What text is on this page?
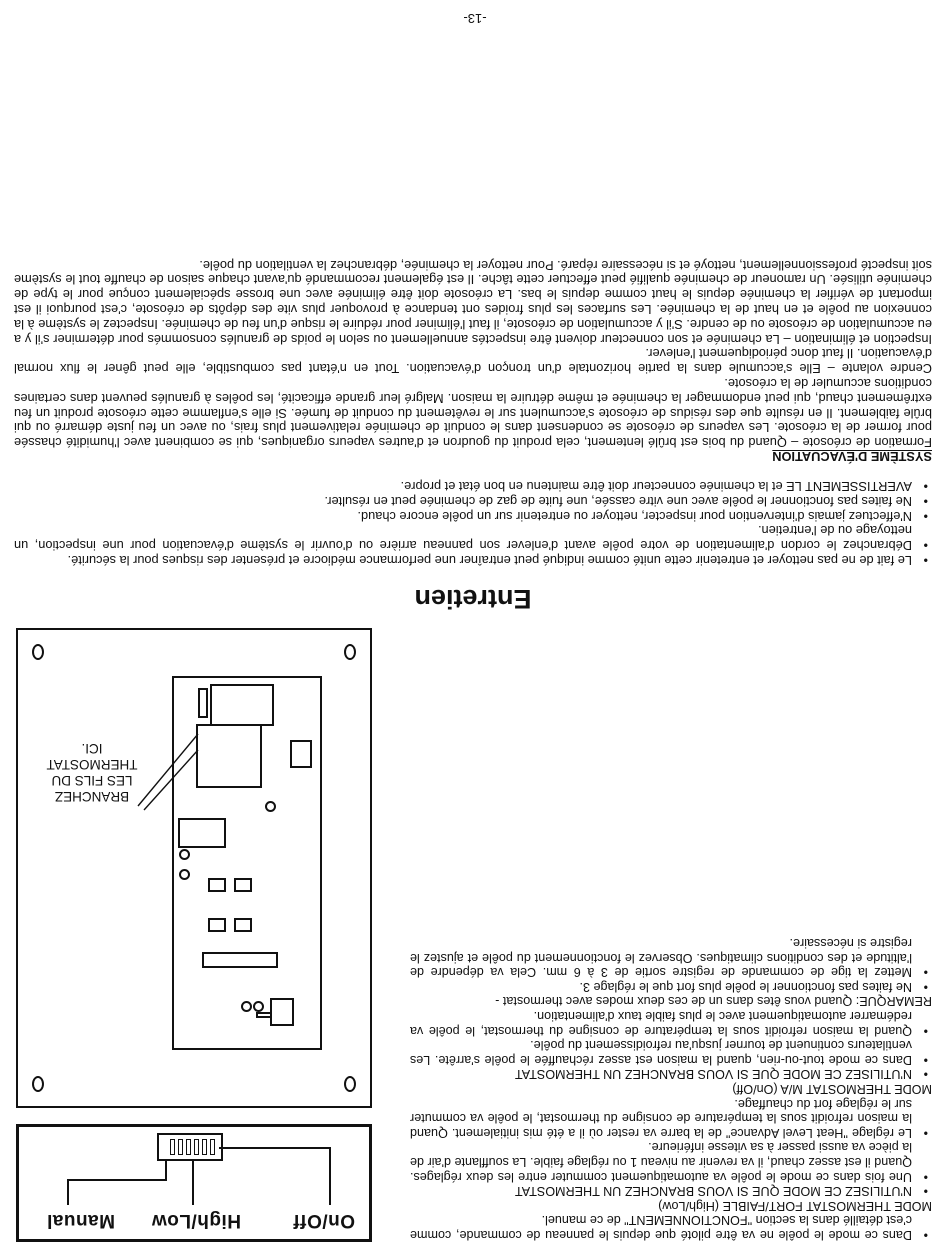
• Dans ce mode le poêle ne va être piloté que depuis le panneau de commande, comme c'est détaillé dans la section "FONCTIONNEMENT" de ce manuel.

MODE THERMOSTAT FORT/FAIBLE (High/Low)

• N'UTILISEZ CE MODE QUE SI VOUS BRANCHEZ UN THERMOSTAT
• Une fois dans ce mode le poêle va automatiquement commuter entre les deux réglages. Quand il est assez chaud, il va revenir au niveau 1 ou réglage faible. La soufflante d'air de la pièce va aussi passer à sa vitesse inférieure.
• Le réglage "Heat Level Advance" de la barre va rester où il a été mis initialement. Quand la maison refroidit sous la température de consigne du thermostat, le poêle va commuter sur le réglage fort du chauffage.

MODE THERMOSTAT M/A (On/Off)

• N'UTILISEZ CE MODE QUE SI VOUS BRANCHEZ UN THERMOSTAT
• Dans ce mode tout-ou-rien, quand la maison est assez réchauffée le poêle s'arrête. Les ventilateurs continuent de tourner jusqu'au refroidissement du poêle.
• Quand la maison refroidit sous la température de consigne du thermostat, le poêle va redémarrer automatiquement avec le plus faible taux d'alimentation.

REMARQUE: Quand vous êtes dans un de ces deux modes avec thermostat -

• Ne faites pas fonctionner le poêle plus fort que le réglage 3.
• Mettez la tige de commande de registre sortie de 3 à 6 mm. Cela va dépendre de l'altitude et des conditions climatiques. Observez le fonctionnement du poêle et ajustez le registre si nécessaire.
On/Off
High/Low
Manual
BRANCHEZ
LES FILS DU
THERMOSTAT
ICI.
Entretien
• Le fait de ne pas nettoyer et entretenir cette unité comme indiqué peut entraîner une performance médiocre et présenter des risques pour la sécurité.
• Débranchez le cordon d'alimentation de votre poêle avant d'enlever son panneau arrière ou d'ouvrir le système d'évacuation pour une inspection, un nettoyage ou de l'entretien.
• N'effectuez jamais d'intervention pour inspecter, nettoyer ou entretenir sur un poêle encore chaud.
• Ne faites pas fonctionner le poêle avec une vitre cassée, une fuite de gaz de cheminée peut en résulter.
• AVERTISSEMENT LE et la cheminée connecteur doit être maintenu en bon état et propre.
SYSTÈME D'ÉVACUATION

Formation de créosote – Quand du bois est brûlé lentement, cela produit du goudron et d'autres vapeurs organiques, qui se combinent avec l'humidité chassée pour former de la créosote. Les vapeurs de créosote se condensent dans le conduit de cheminée relativement plus frais, ou avec un feu juste démarré ou qui brûle faiblement. Il en résulte que des résidus de créosote s'accumulent sur le revêtement du conduit de fumée. Si elle s'enflamme cette créosote produit un feu extrêmement chaud, qui peut endommager la cheminée et même détruire la maison. Malgré leur grande efficacité, les poêles à granulés peuvent dans certaines conditions accumuler de la créosote.

Cendre volante – Elle s'accumule dans la partie horizontale d'un tronçon d'évacuation. Tout en n'étant pas combustible, elle peut gêner le flux normal d'évacuation. Il faut donc périodiquement l'enlever.

Inspection et élimination – La cheminée et son connecteur doivent être inspectés annuellement ou selon le poids de granulés consommés pour déterminer s'il y a eu accumulation de créosote ou de cendre. S'il y accumulation de créosote, il faut l'éliminer pour réduire le risque d'un feu de cheminée. Inspectez le système à la connexion au poêle et en haut de la cheminée. Les surfaces les plus froides ont tendance à provoquer plus vite des dépôts de créosote, c'est pourquoi il est important de vérifier la cheminée depuis le haut comme depuis le bas. La créosote doit être éliminée avec une brosse spécialement conçue pour le type de cheminée utilisée. Un ramoneur de cheminée qualifié peut effectuer cette tâche. Il est également recommandé qu'avant chaque saison de chauffe tout le système soit inspecté professionnellement, nettoyé et si nécessaire réparé. Pour nettoyer la cheminée, débranchez la ventilation du poêle.

-13-
